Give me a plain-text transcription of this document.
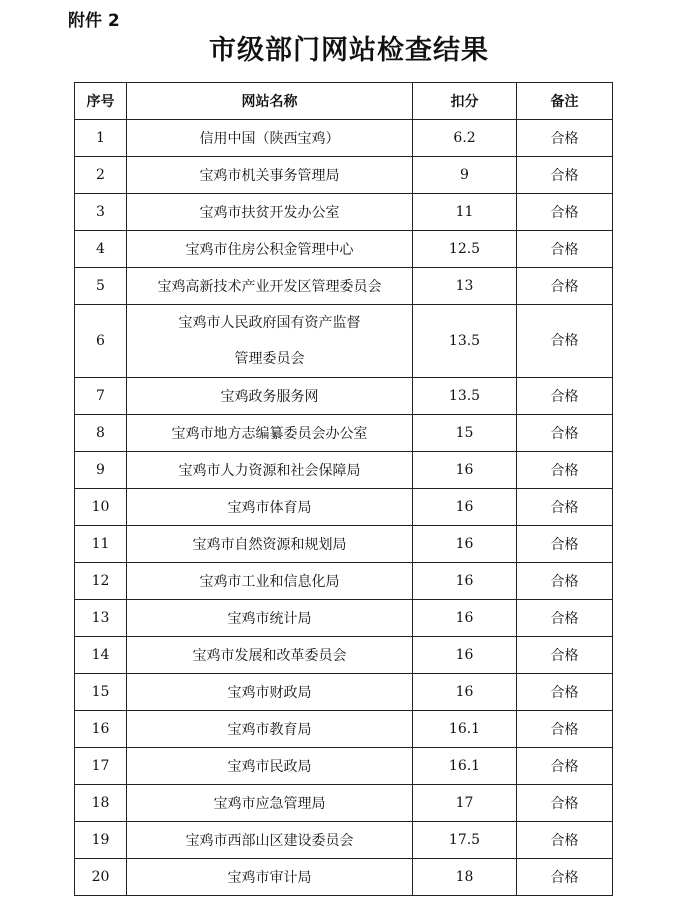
附件 2
市级部门网站检查结果
序号	网站名称	扣分	备注
1	信用中国（陕西宝鸡）	6.2	合格
2	宝鸡市机关事务管理局	9	合格
3	宝鸡市扶贫开发办公室	11	合格
4	宝鸡市住房公积金管理中心	12.5	合格
5	宝鸡高新技术产业开发区管理委员会	13	合格
6	宝鸡市人民政府国有资产监督
管理委员会	13.5	合格
7	宝鸡政务服务网	13.5	合格
8	宝鸡市地方志编纂委员会办公室	15	合格
9	宝鸡市人力资源和社会保障局	16	合格
10	宝鸡市体育局	16	合格
11	宝鸡市自然资源和规划局	16	合格
12	宝鸡市工业和信息化局	16	合格
13	宝鸡市统计局	16	合格
14	宝鸡市发展和改革委员会	16	合格
15	宝鸡市财政局	16	合格
16	宝鸡市教育局	16.1	合格
17	宝鸡市民政局	16.1	合格
18	宝鸡市应急管理局	17	合格
19	宝鸡市西部山区建设委员会	17.5	合格
20	宝鸡市审计局	18	合格
